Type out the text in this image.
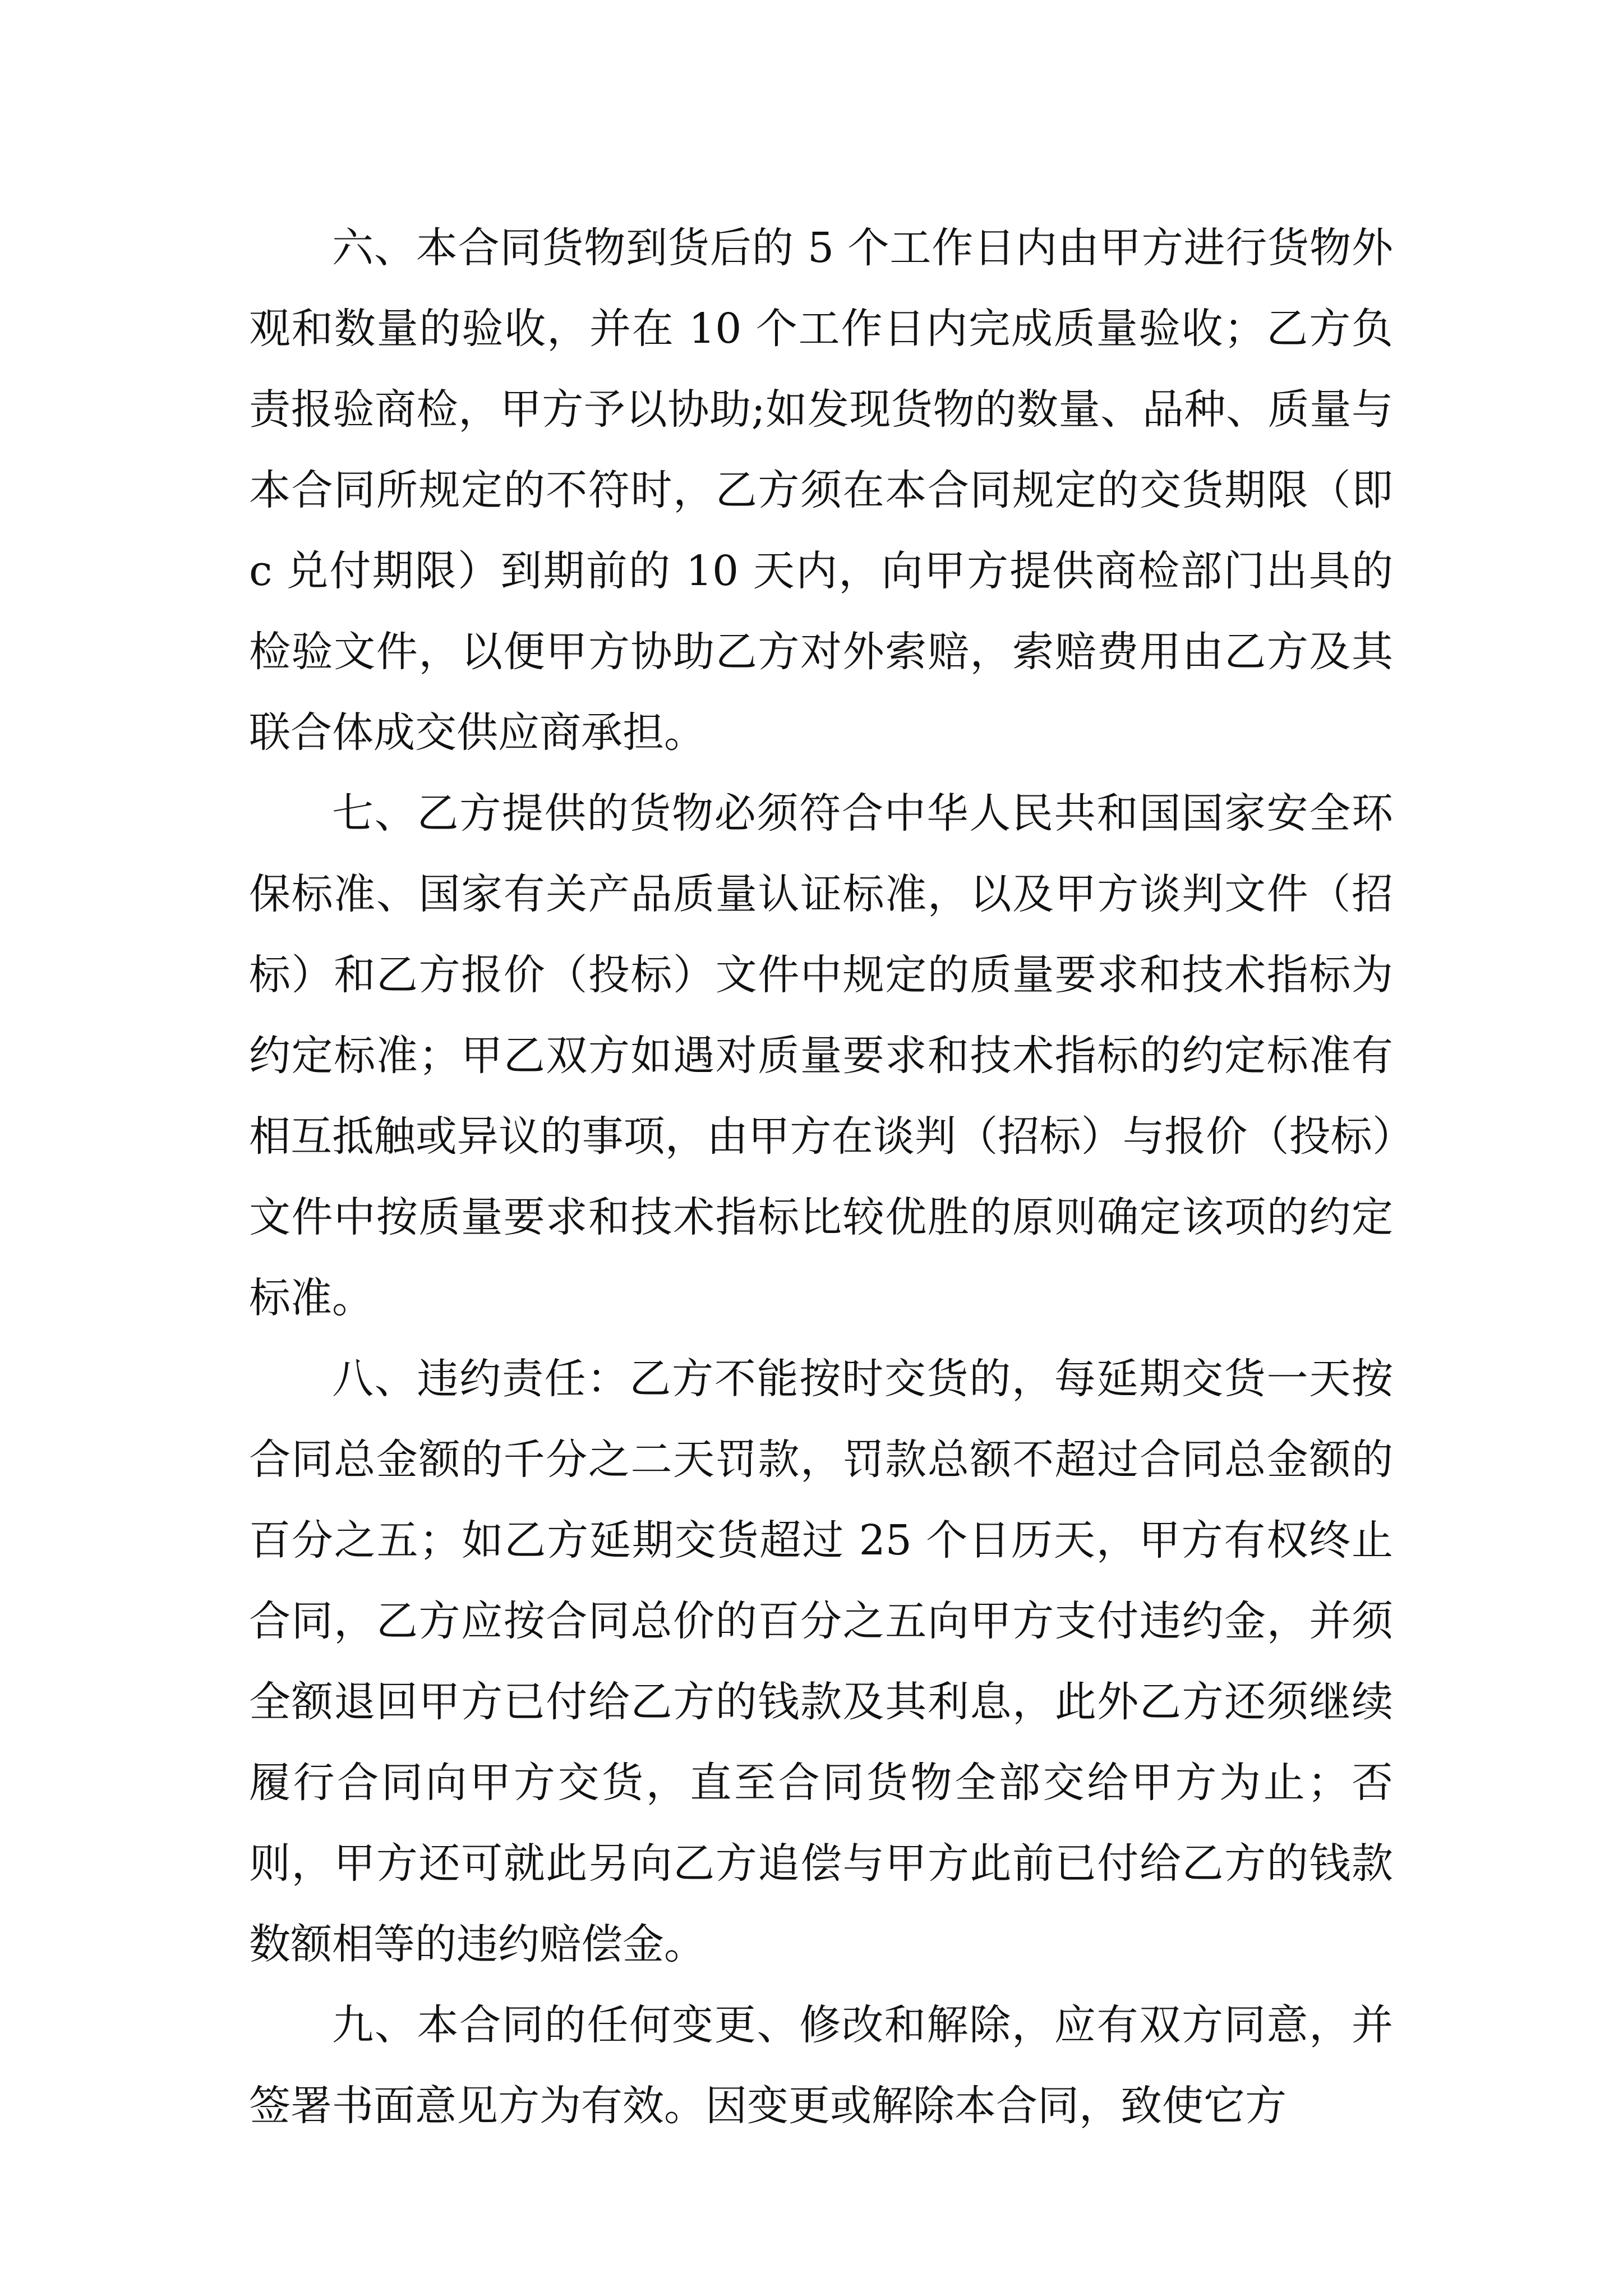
六、本合同货物到货后的 5 个工作日内由甲方进行货物外观和数量的验收，并在 10 个工作日内完成质量验收；乙方负责报验商检，甲方予以协助;如发现货物的数量、品种、质量与本合同所规定的不符时，乙方须在本合同规定的交货期限（即 c 兑付期限）到期前的 10 天内，向甲方提供商检部门出具的检验文件，以便甲方协助乙方对外索赔，索赔费用由乙方及其联合体成交供应商承担。

七、乙方提供的货物必须符合中华人民共和国国家安全环保标准、国家有关产品质量认证标准，以及甲方谈判文件（招标）和乙方报价（投标）文件中规定的质量要求和技术指标为约定标准；甲乙双方如遇对质量要求和技术指标的约定标准有相互抵触或异议的事项，由甲方在谈判（招标）与报价（投标）文件中按质量要求和技术指标比较优胜的原则确定该项的约定标准。

八、违约责任：乙方不能按时交货的，每延期交货一天按合同总金额的千分之二天罚款，罚款总额不超过合同总金额的百分之五；如乙方延期交货超过 25 个日历天，甲方有权终止合同，乙方应按合同总价的百分之五向甲方支付违约金，并须全额退回甲方已付给乙方的钱款及其利息，此外乙方还须继续履行合同向甲方交货，直至合同货物全部交给甲方为止；否则，甲方还可就此另向乙方追偿与甲方此前已付给乙方的钱款数额相等的违约赔偿金。

九、本合同的任何变更、修改和解除，应有双方同意，并签署书面意见方为有效。因变更或解除本合同，致使它方
